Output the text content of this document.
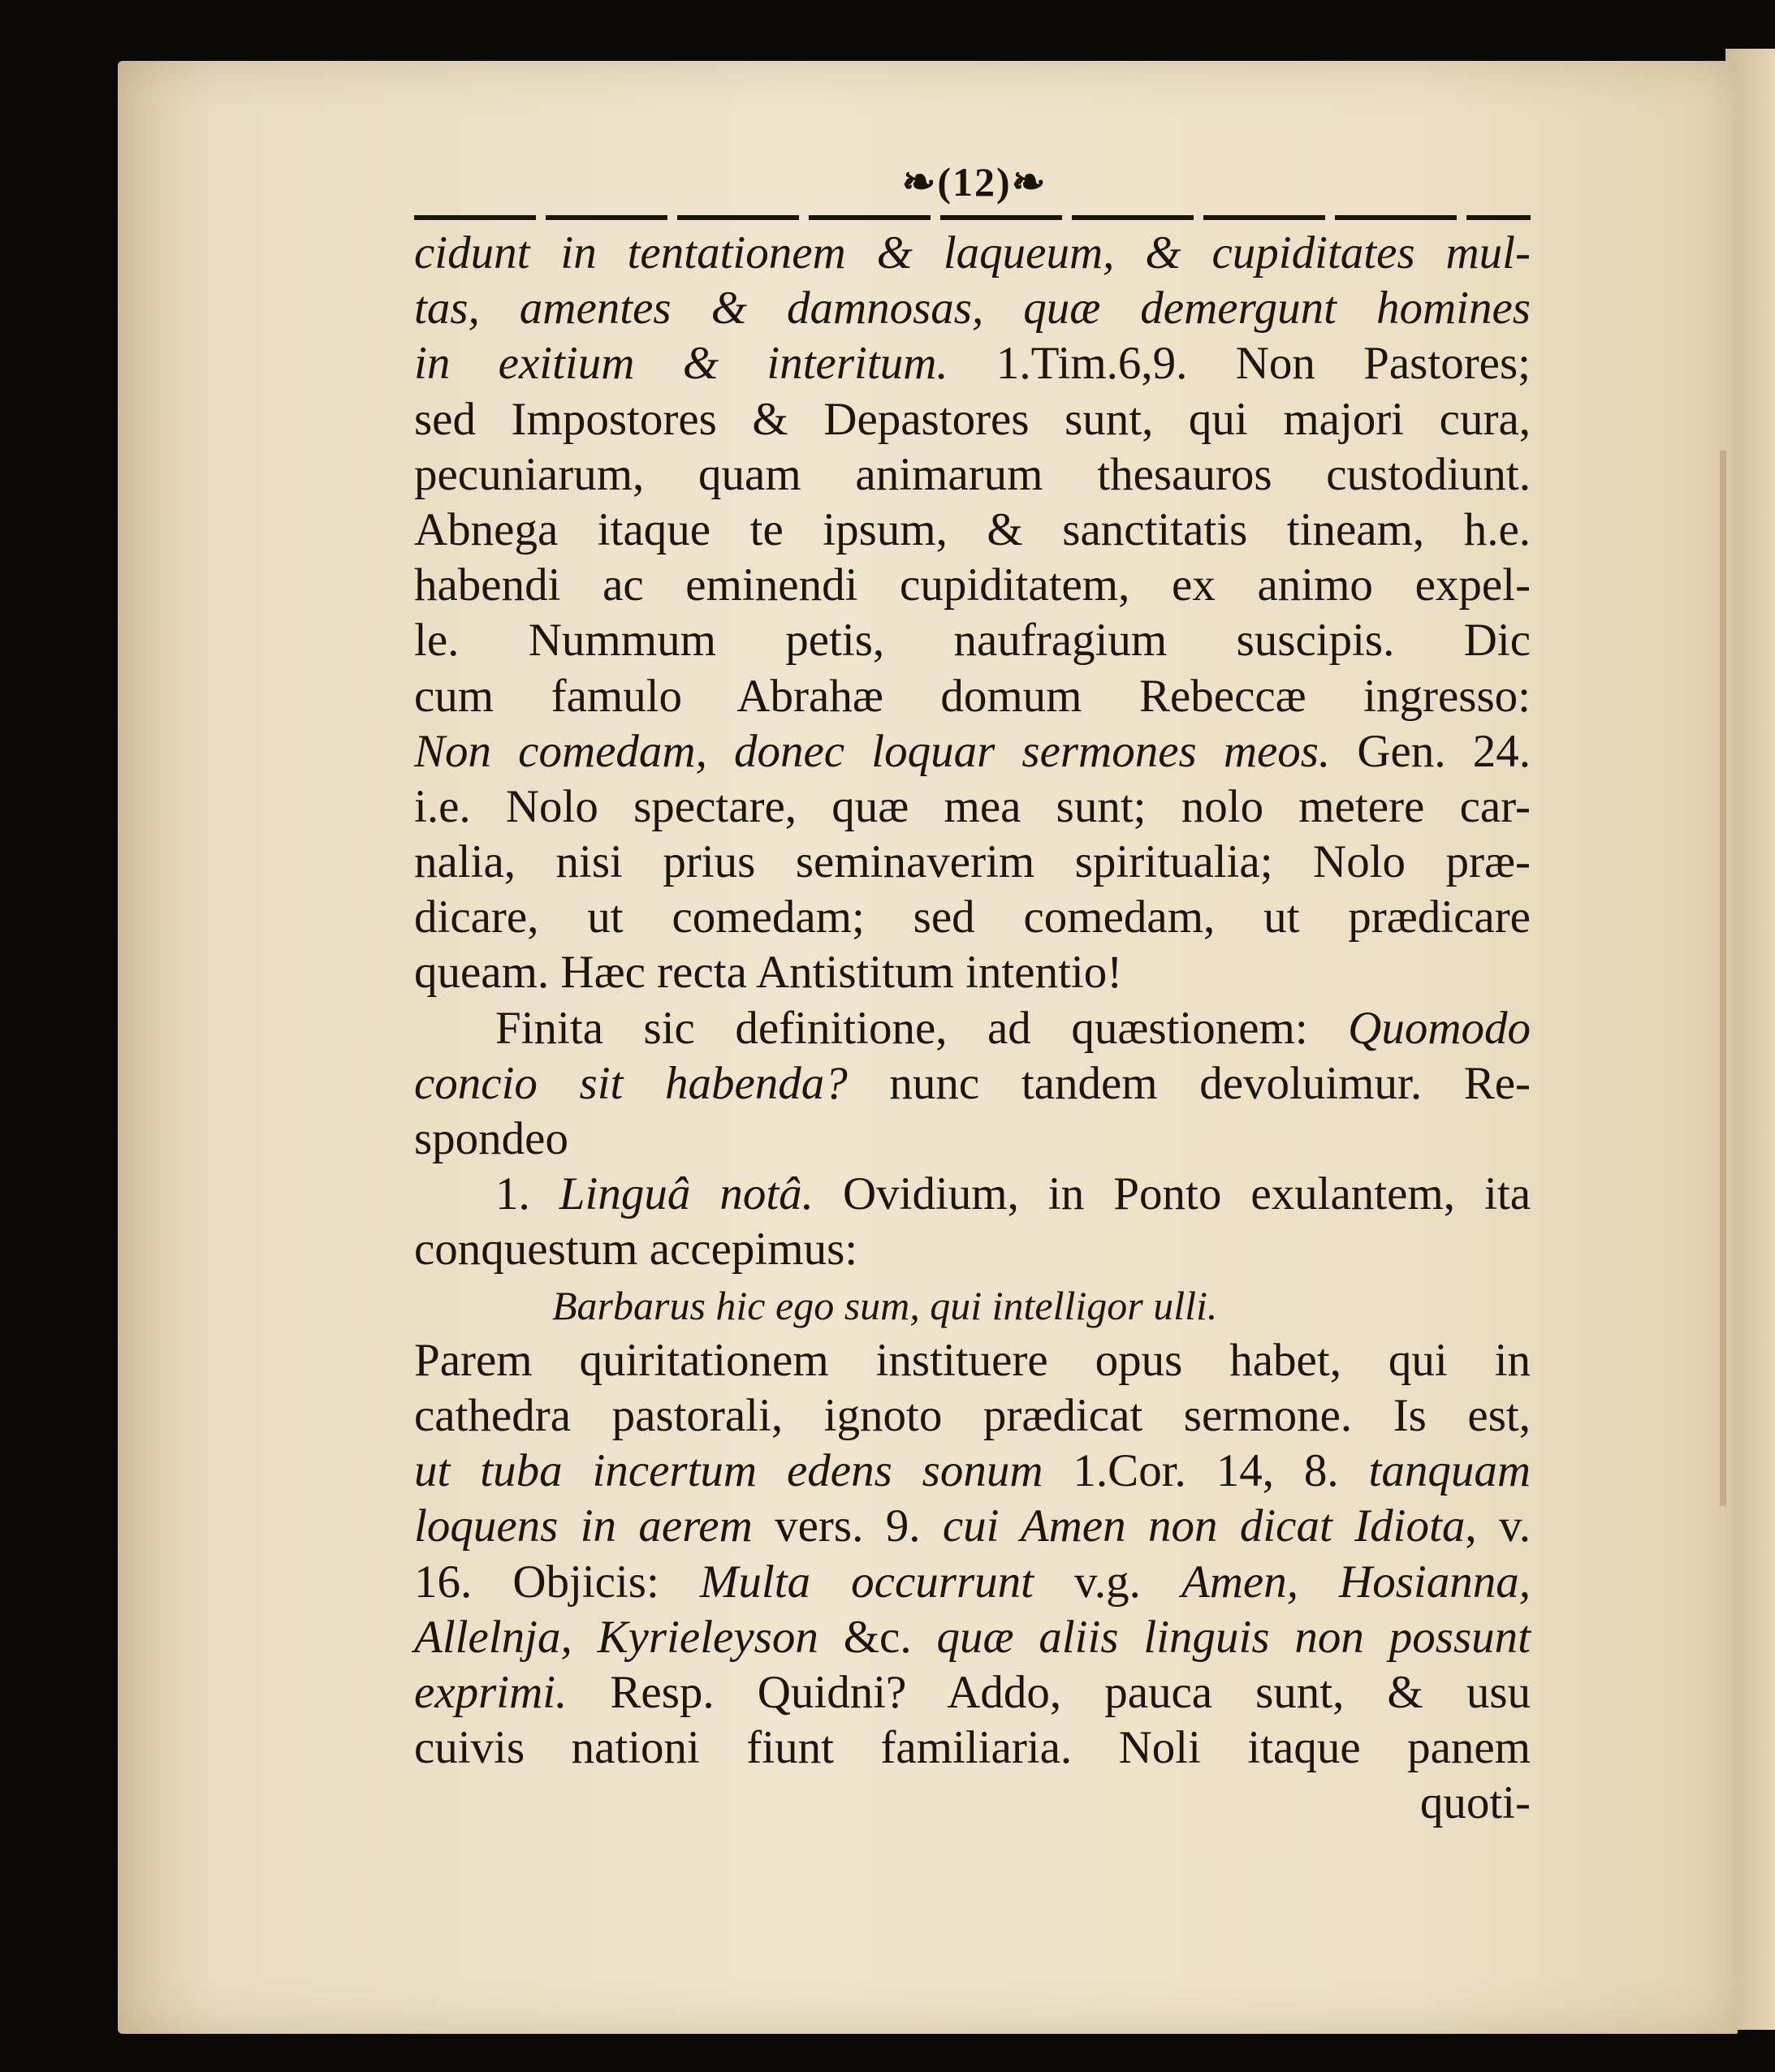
❧(12)❧
cidunt in tentationem & laqueum, & cupiditates mul-
tas, amentes & damnosas, quæ demergunt homines
in exitium & interitum. 1.Tim.6,9. Non Pastores;
sed Impostores & Depastores sunt, qui majori cura,
pecuniarum, quam animarum thesauros custodiunt.
Abnega itaque te ipsum, & sanctitatis tineam, h.e.
habendi ac eminendi cupiditatem, ex animo expel-
le. Nummum petis, naufragium suscipis. Dic
cum famulo Abrahæ domum Rebeccæ ingresso:
Non comedam, donec loquar sermones meos. Gen. 24.
i.e. Nolo spectare, quæ mea sunt; nolo metere car-
nalia, nisi prius seminaverim spiritualia; Nolo præ-
dicare, ut comedam; sed comedam, ut prædicare
queam. Hæc recta Antistitum intentio!
Finita sic definitione, ad quæstionem: Quomodo
concio sit habenda? nunc tandem devoluimur. Re-
spondeo
1. Linguâ notâ. Ovidium, in Ponto exulantem, ita
conquestum accepimus:
Barbarus hic ego sum, qui intelligor ulli.
Parem quiritationem instituere opus habet, qui in
cathedra pastorali, ignoto prædicat sermone. Is est,
ut tuba incertum edens sonum 1.Cor. 14, 8. tanquam
loquens in aerem vers. 9. cui Amen non dicat Idiota, v.
16. Objicis: Multa occurrunt v.g. Amen, Hosianna,
Allelnja, Kyrieleyson &c. quæ aliis linguis non possunt
exprimi. Resp. Quidni? Addo, pauca sunt, & usu
cuivis nationi fiunt familiaria. Noli itaque panem
quoti-
